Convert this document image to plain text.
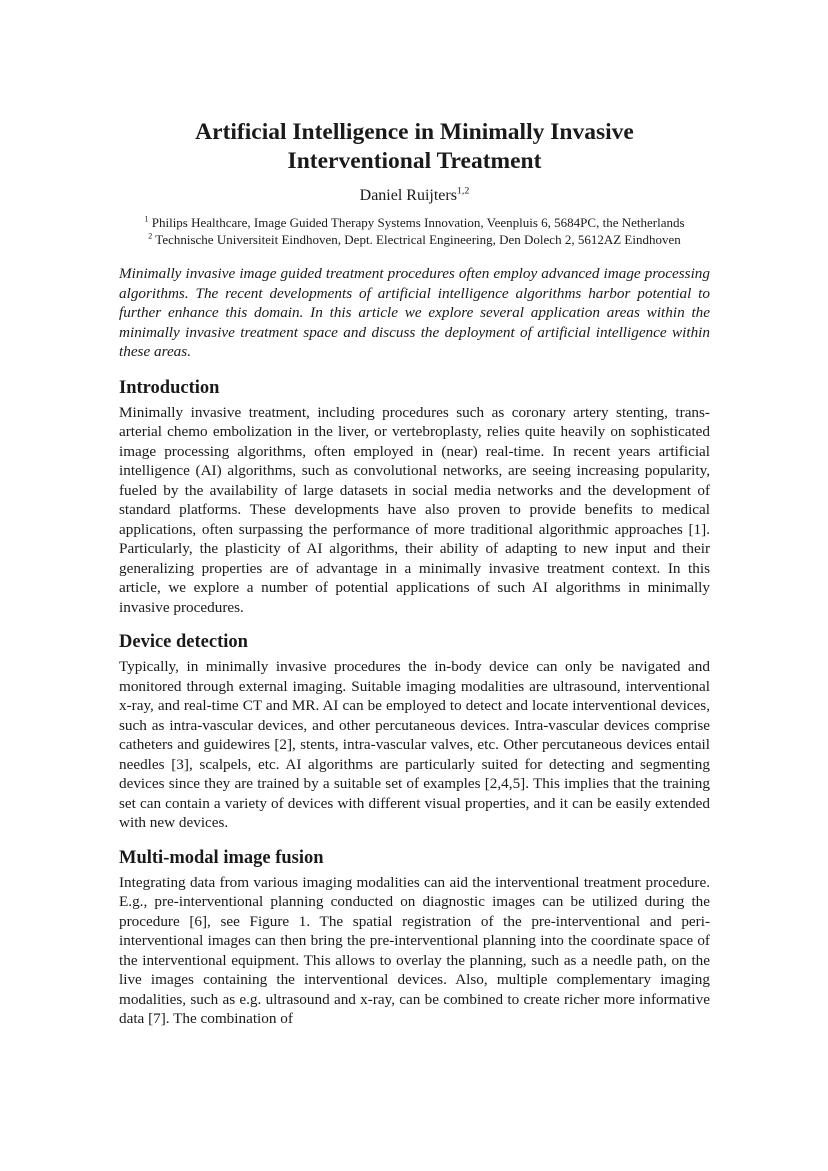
Artificial Intelligence in Minimally Invasive
Interventional Treatment
Daniel Ruijters$^{1,2}$
$^1$ Philips Healthcare, Image Guided Therapy Systems Innovation, Veenpluis 6, 5684PC, the Netherlands
$^2$ Technische Universiteit Eindhoven, Dept. Electrical Engineering, Den Dolech 2, 5612AZ Eindhoven

Minimally invasive image guided treatment procedures often employ advanced image processing algorithms. The recent developments of artificial intelligence algorithms harbor potential to further enhance this domain. In this article we explore several application areas within the minimally invasive treatment space and discuss the deployment of artificial intelligence within these areas.

Introduction

Minimally invasive treatment, including procedures such as coronary artery stenting, trans-arterial chemo embolization in the liver, or vertebroplasty, relies quite heavily on sophisticated image processing algorithms, often employed in (near) real-time. In recent years artificial intelligence (AI) algorithms, such as convolutional networks, are seeing increasing popularity, fueled by the availability of large datasets in social media networks and the development of standard platforms. These developments have also proven to provide benefits to medical applications, often surpassing the performance of more traditional algorithmic approaches [1]. Particularly, the plasticity of AI algorithms, their ability of adapting to new input and their generalizing properties are of advantage in a minimally invasive treatment context. In this article, we explore a number of potential applications of such AI algorithms in minimally invasive procedures.

Device detection

Typically, in minimally invasive procedures the in-body device can only be navigated and monitored through external imaging. Suitable imaging modalities are ultrasound, interventional x-ray, and real-time CT and MR. AI can be employed to detect and locate interventional devices, such as intra-vascular devices, and other percutaneous devices. Intra-vascular devices comprise catheters and guidewires [2], stents, intra-vascular valves, etc. Other percutaneous devices entail needles [3], scalpels, etc. AI algorithms are particularly suited for detecting and segmenting devices since they are trained by a suitable set of examples [2,4,5]. This implies that the training set can contain a variety of devices with different visual properties, and it can be easily extended with new devices.

Multi-modal image fusion

Integrating data from various imaging modalities can aid the interventional treatment procedure. E.g., pre-interventional planning conducted on diagnostic images can be utilized during the procedure [6], see Figure 1. The spatial registration of the pre-interventional and peri-interventional images can then bring the pre-interventional planning into the coordinate space of the interventional equipment. This allows to overlay the planning, such as a needle path, on the live images containing the interventional devices. Also, multiple complementary imaging modalities, such as e.g. ultrasound and x-ray, can be combined to create richer more informative data [7]. The combination of
